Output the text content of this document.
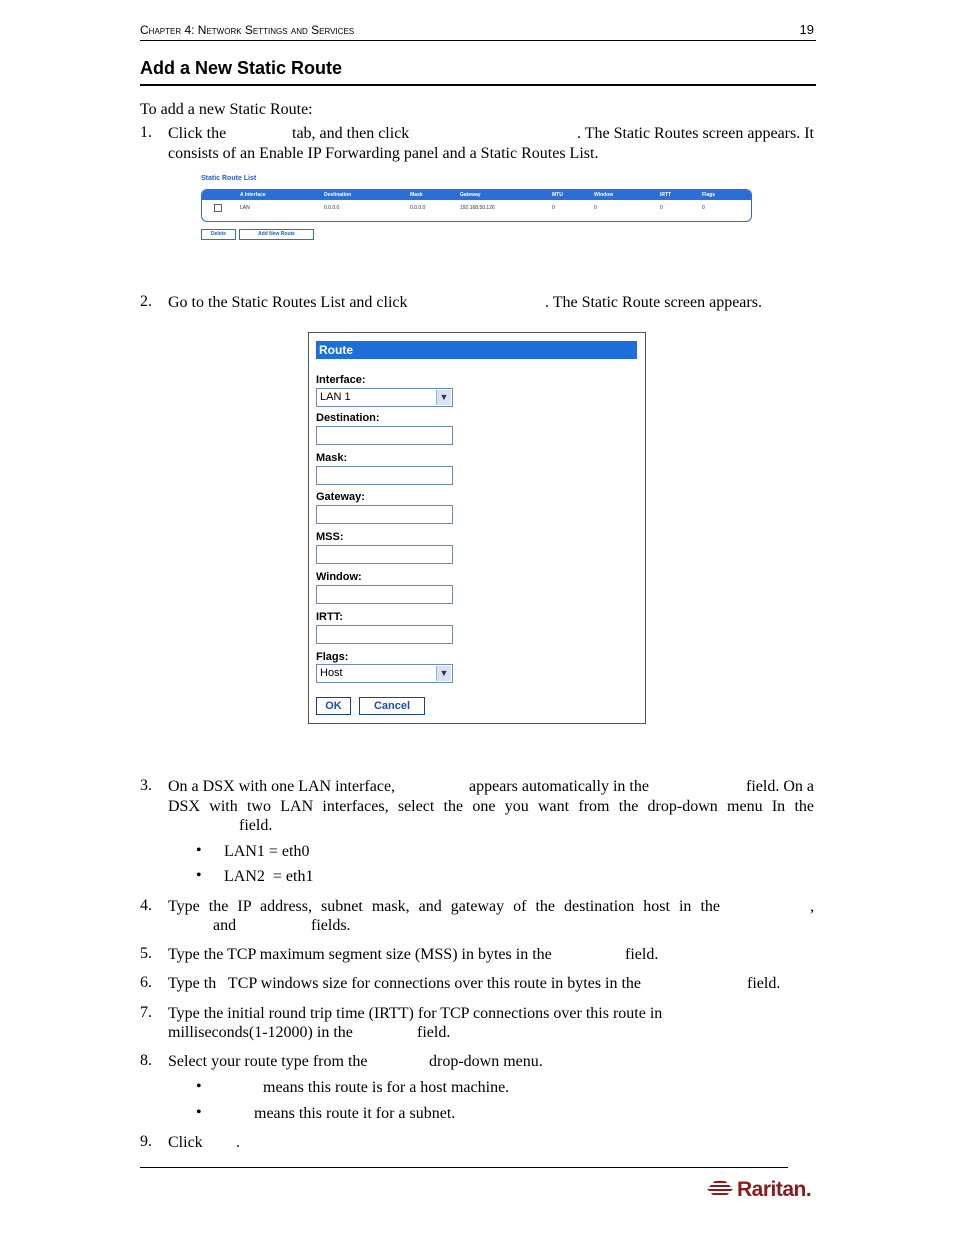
Chapter 4: Network Settings and Services	19
Add a New Static Route
To add a new Static Route:
1. Click the	tab, and then click	. The Static Routes screen appears. It
consists of an Enable IP Forwarding panel and a Static Routes List.
Static Route List
A Interface	Destination	Mask	Gateway	MTU	Window	IRTT	Flags
LAN	0.0.0.0	0.0.0.0	192.168.50.126	0	0	0	0
Delete	Add New Route
2. Go to the Static Routes List and click	. The Static Route screen appears.
Route
Interface:
LAN 1	▼
Destination:
Mask:
Gateway:
MSS:
Window:
IRTT:
Flags:
Host	▼
OK	Cancel
3. On a DSX with one LAN interface,	appears automatically in the	field. On a
DSX with two LAN interfaces, select the one you want from the drop-down menu In the
field.
• LAN1 = eth0
• LAN2  = eth1
4. Type the IP address, subnet mask, and gateway of the destination host in the	,
and	fields.
5. Type the TCP maximum segment size (MSS) in bytes in the	field.
6. Type th   TCP windows size for connections over this route in bytes in the	field.
7. Type the initial round trip time (IRTT) for TCP connections over this route in
milliseconds(1-12000) in the	field.
8. Select your route type from the	drop-down menu.
•	means this route is for a host machine.
•	means this route it for a subnet.
9. Click .
Raritan.
